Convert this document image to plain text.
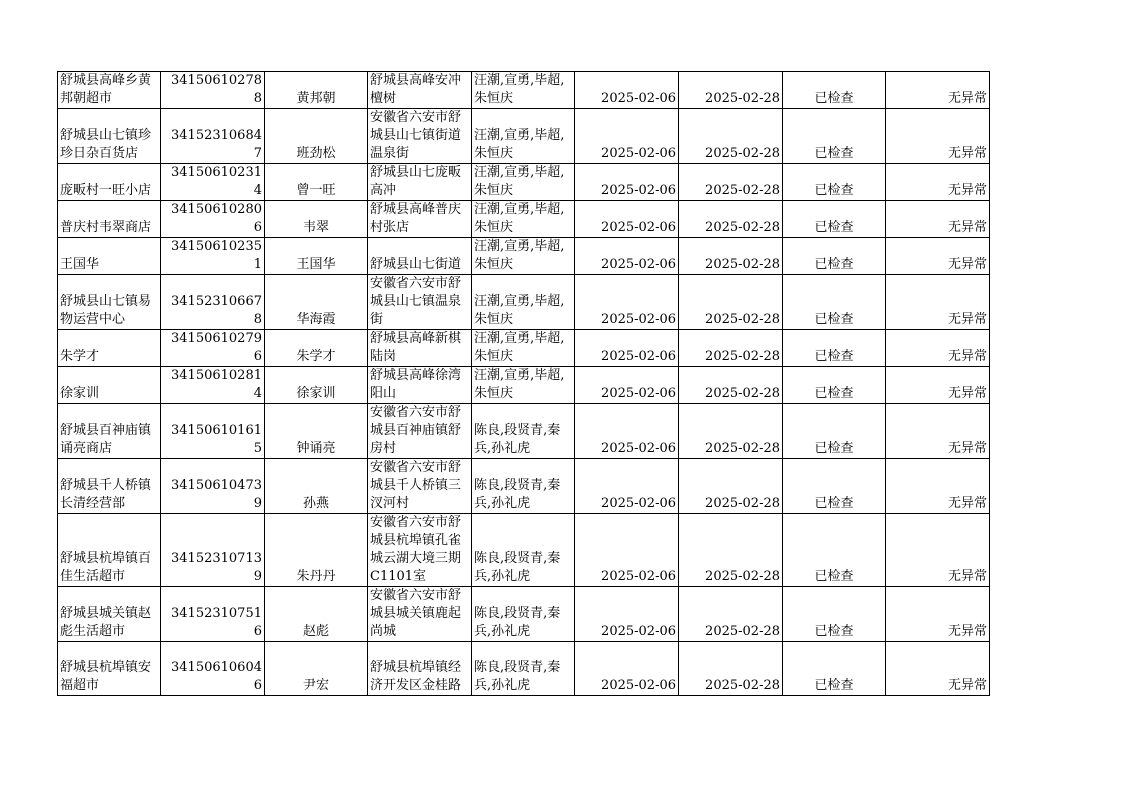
舒城县高峰乡黄邦朝超市	341506102788	黄邦朝	舒城县高峰安冲檀树	汪潮,宣勇,毕超,朱恒庆	2025-02-06	2025-02-28	已检查	无异常
舒城县山七镇珍珍日杂百货店	341523106847	班劲松	安徽省六安市舒城县山七镇街道温泉街	汪潮,宣勇,毕超,朱恒庆	2025-02-06	2025-02-28	已检查	无异常
庞畈村一旺小店	341506102314	曾一旺	舒城县山七庞畈高冲	汪潮,宣勇,毕超,朱恒庆	2025-02-06	2025-02-28	已检查	无异常
普庆村韦翠商店	341506102806	韦翠	舒城县高峰普庆村张店	汪潮,宣勇,毕超,朱恒庆	2025-02-06	2025-02-28	已检查	无异常
王国华	341506102351	王国华	舒城县山七街道	汪潮,宣勇,毕超,朱恒庆	2025-02-06	2025-02-28	已检查	无异常
舒城县山七镇易物运营中心	341523106678	华海霞	安徽省六安市舒城县山七镇温泉街	汪潮,宣勇,毕超,朱恒庆	2025-02-06	2025-02-28	已检查	无异常
朱学才	341506102796	朱学才	舒城县高峰新棋陆岗	汪潮,宣勇,毕超,朱恒庆	2025-02-06	2025-02-28	已检查	无异常
徐家训	341506102814	徐家训	舒城县高峰徐湾阳山	汪潮,宣勇,毕超,朱恒庆	2025-02-06	2025-02-28	已检查	无异常
舒城县百神庙镇诵亮商店	341506101615	钟诵亮	安徽省六安市舒城县百神庙镇舒房村	陈良,段贤青,秦兵,孙礼虎	2025-02-06	2025-02-28	已检查	无异常
舒城县千人桥镇长清经营部	341506104739	孙燕	安徽省六安市舒城县千人桥镇三汊河村	陈良,段贤青,秦兵,孙礼虎	2025-02-06	2025-02-28	已检查	无异常
舒城县杭埠镇百佳生活超市	341523107139	朱丹丹	安徽省六安市舒城县杭埠镇孔雀城云湖大境三期C1101室	陈良,段贤青,秦兵,孙礼虎	2025-02-06	2025-02-28	已检查	无异常
舒城县城关镇赵彪生活超市	341523107516	赵彪	安徽省六安市舒城县城关镇鹿起尚城	陈良,段贤青,秦兵,孙礼虎	2025-02-06	2025-02-28	已检查	无异常
舒城县杭埠镇安福超市	341506106046	尹宏	舒城县杭埠镇经济开发区金桂路	陈良,段贤青,秦兵,孙礼虎	2025-02-06	2025-02-28	已检查	无异常
